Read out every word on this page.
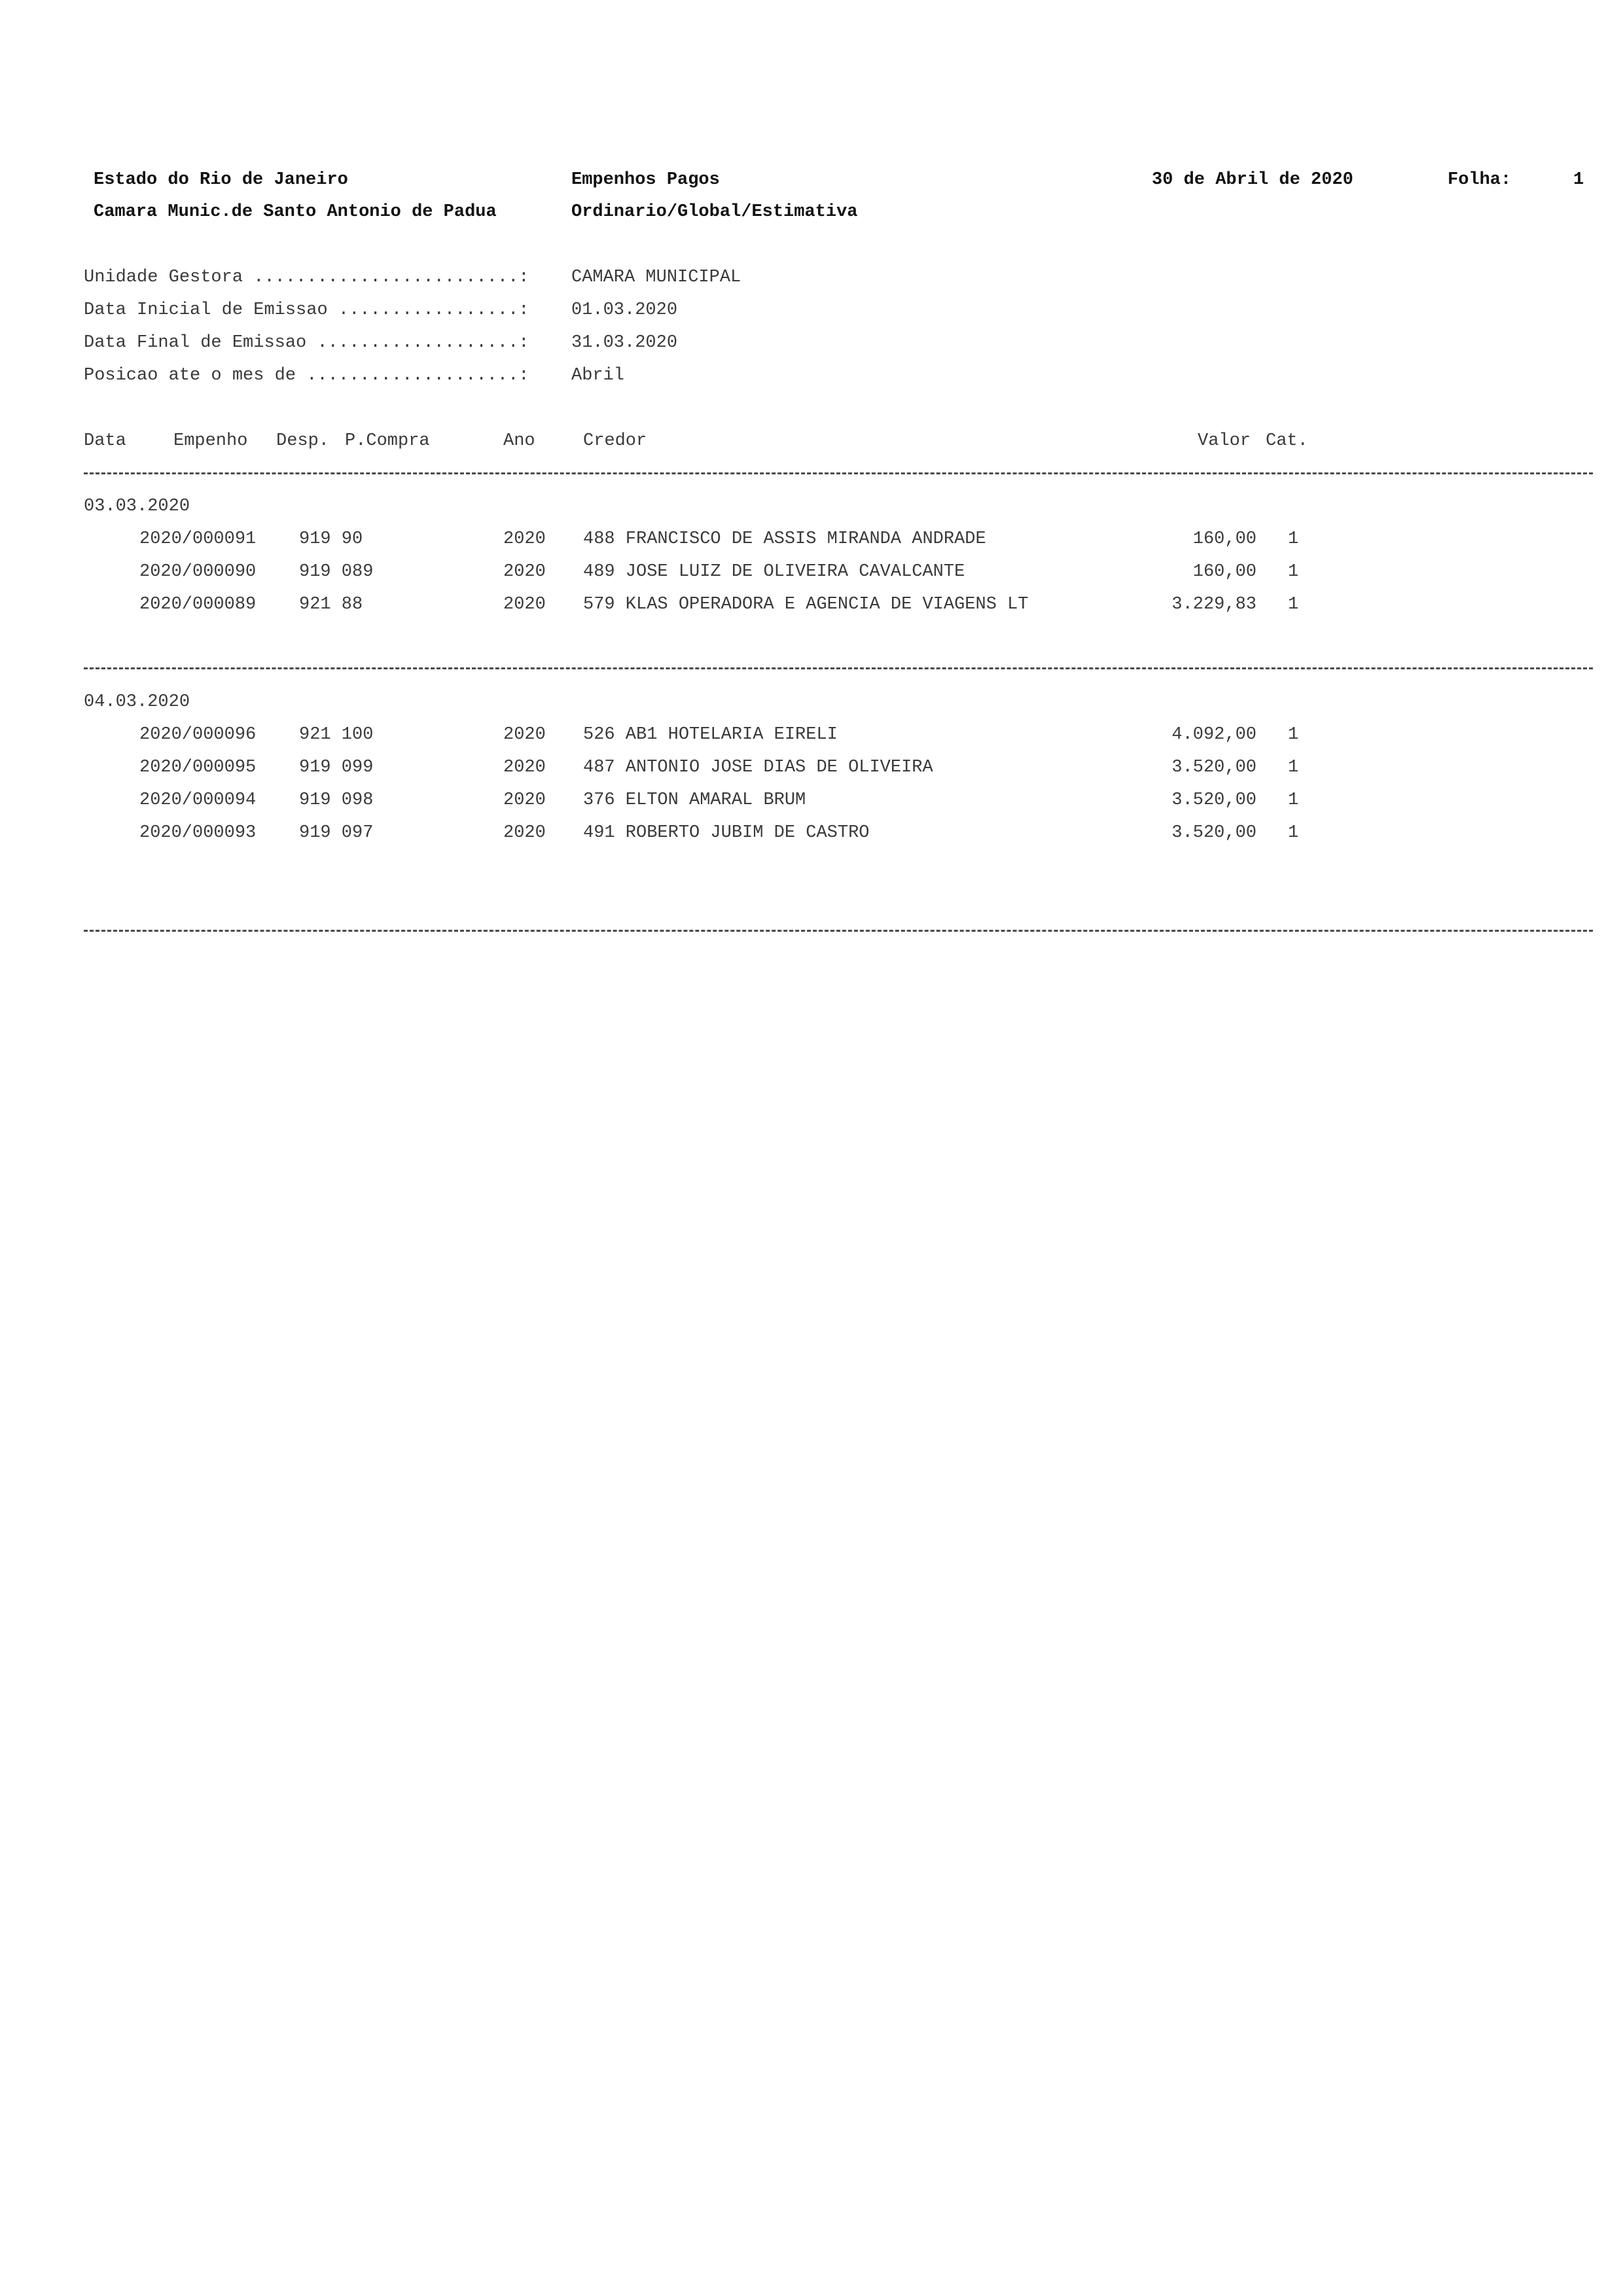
Estado do Rio de Janeiro
Camara Munic.de Santo Antonio de Padua
Empenhos Pagos
Ordinario/Global/Estimativa
30 de Abril de 2020	Folha:	1
Unidade Gestora .........................: CAMARA MUNICIPAL
Data Inicial de Emissao .................: 01.03.2020
Data Final de Emissao ...................: 31.03.2020
Posicao ate o mes de ....................: Abril
Data	Empenho Desp. P.Compra	Ano	Credor	Valor Cat.
03.03.2020
2020/000091 919 90	2020 488 FRANCISCO DE ASSIS MIRANDA ANDRADE	160,00 1
2020/000090 919 089	2020 489 JOSE LUIZ DE OLIVEIRA CAVALCANTE	160,00 1
2020/000089 921 88	2020 579 KLAS OPERADORA E AGENCIA DE VIAGENS LT	3.229,83 1
04.03.2020
2020/000096 921 100	2020 526 AB1 HOTELARIA EIRELI	4.092,00 1
2020/000095 919 099	2020 487 ANTONIO JOSE DIAS DE OLIVEIRA	3.520,00 1
2020/000094 919 098	2020 376 ELTON AMARAL BRUM	3.520,00 1
2020/000093 919 097	2020 491 ROBERTO JUBIM DE CASTRO	3.520,00 1
